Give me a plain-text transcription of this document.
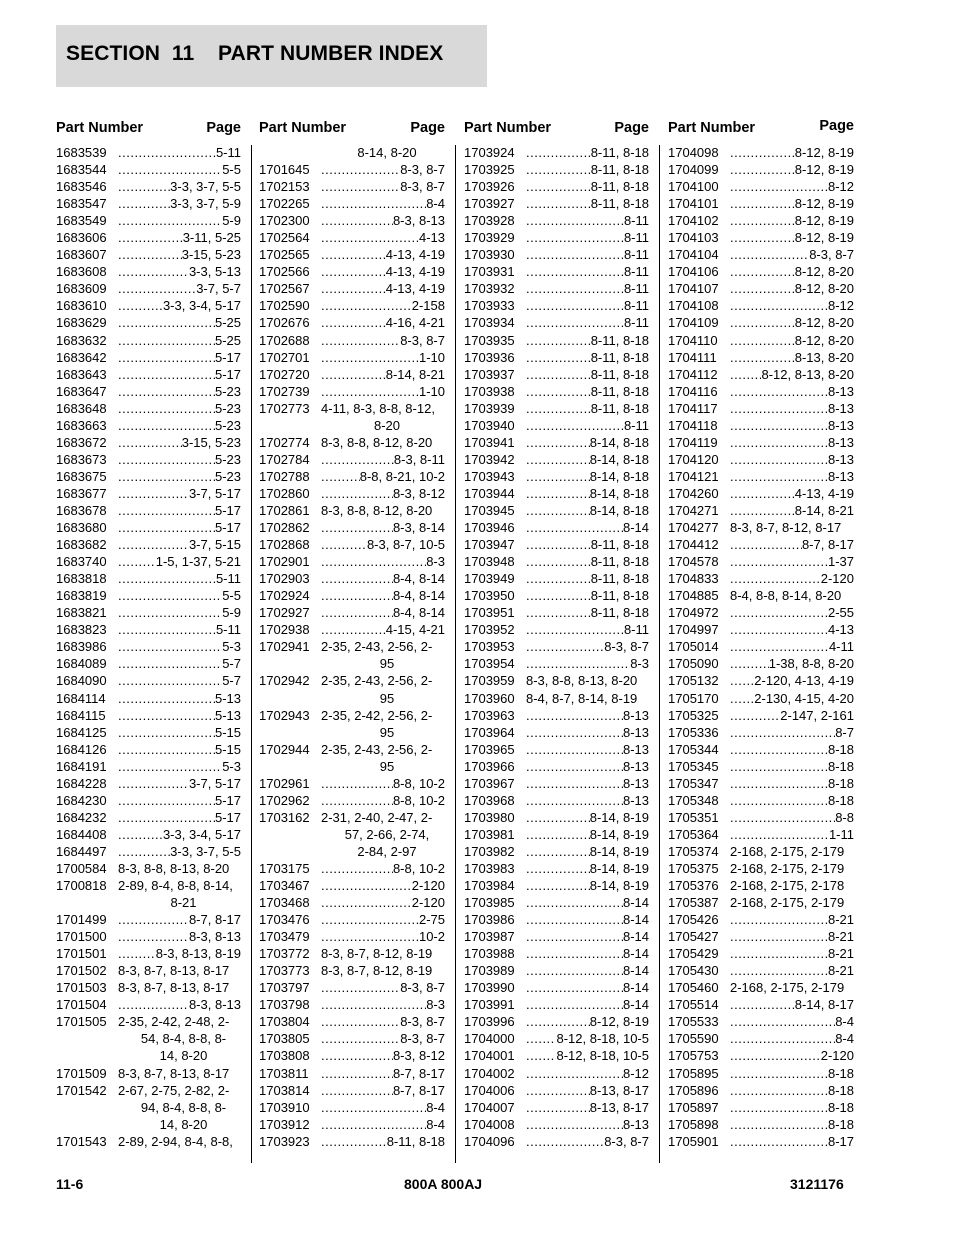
SECTION  11    PART NUMBER INDEX
Part Number	Page
1683539 .....	5-11
1683544 .....	5-5
1683546 .....	3-3, 3-7, 5-5
1683547 .....	3-3, 3-7, 5-9
1683549 .....	5-9
1683606 .....	3-11, 5-25
1683607 .....	3-15, 5-23
1683608 .....	3-3, 5-13
1683609 .....	3-7, 5-7
1683610 .....	3-3, 3-4, 5-17
1683629 .....	5-25
1683632 .....	5-25
1683642 .....	5-17
1683643 .....	5-17
1683647 .....	5-23
1683648 .....	5-23
1683663 .....	5-23
1683672 .....	3-15, 5-23
1683673 .....	5-23
1683675 .....	5-23
1683677 .....	3-7, 5-17
1683678 .....	5-17
1683680 .....	5-17
1683682 .....	3-7, 5-15
1683740 .....	1-5, 1-37, 5-21
1683818 .....	5-11
1683819 .....	5-5
1683821 .....	5-9
1683823 .....	5-11
1683986 .....	5-3
1684089 .....	5-7
1684090 .....	5-7
1684114 .....	5-13
1684115 .....	5-13
1684125 .....	5-15
1684126 .....	5-15
1684191 .....	5-3
1684228 .....	3-7, 5-17
1684230 .....	5-17
1684232 .....	5-17
1684408 .....	3-3, 3-4, 5-17
1684497 .....	3-3, 3-7, 5-5
1700584 8-3, 8-8, 8-13, 8-20
1700818 2-89, 8-4, 8-8, 8-14,
8-21
1701499 .....	8-7, 8-17
1701500 .....	8-3, 8-13
1701501 .....	8-3, 8-13, 8-19
1701502 8-3, 8-7, 8-13, 8-17
1701503 8-3, 8-7, 8-13, 8-17
1701504 .....	8-3, 8-13
1701505 2-35, 2-42, 2-48, 2-
54, 8-4, 8-8, 8-
14, 8-20
1701509 8-3, 8-7, 8-13, 8-17
1701542 2-67, 2-75, 2-82, 2-
94, 8-4, 8-8, 8-
14, 8-20
1701543 2-89, 2-94, 8-4, 8-8,
Part Number	Page
8-14, 8-20
1701645 .....	8-3, 8-7
1702153 .....	8-3, 8-7
1702265 .....	8-4
1702300 .....	8-3, 8-13
1702564 .....	4-13
1702565 .....	4-13, 4-19
1702566 .....	4-13, 4-19
1702567 .....	4-13, 4-19
1702590 .....	2-158
1702676 .....	4-16, 4-21
1702688 .....	8-3, 8-7
1702701 .....	1-10
1702720 .....	8-14, 8-21
1702739 .....	1-10
1702773 4-11, 8-3, 8-8, 8-12,
8-20
1702774 8-3, 8-8, 8-12, 8-20
1702784 .....	8-3, 8-11
1702788 .....	8-8, 8-21, 10-2
1702860 .....	8-3, 8-12
1702861 8-3, 8-8, 8-12, 8-20
1702862 .....	8-3, 8-14
1702868 .....	8-3, 8-7, 10-5
1702901 .....	8-3
1702903 .....	8-4, 8-14
1702924 .....	8-4, 8-14
1702927 .....	8-4, 8-14
1702938 .....	4-15, 4-21
1702941 2-35, 2-43, 2-56, 2-
95
1702942 2-35, 2-43, 2-56, 2-
95
1702943 2-35, 2-42, 2-56, 2-
95
1702944 2-35, 2-43, 2-56, 2-
95
1702961 .....	8-8, 10-2
1702962 .....	8-8, 10-2
1703162 2-31, 2-40, 2-47, 2-
57, 2-66, 2-74,
2-84, 2-97
1703175 .....	8-8, 10-2
1703467 .....	2-120
1703468 .....	2-120
1703476 .....	2-75
1703479 .....	10-2
1703772 8-3, 8-7, 8-12, 8-19
1703773 8-3, 8-7, 8-12, 8-19
1703797 .....	8-3, 8-7
1703798 .....	8-3
1703804 .....	8-3, 8-7
1703805 .....	8-3, 8-7
1703808 .....	8-3, 8-12
1703811 .....	8-7, 8-17
1703814 .....	8-7, 8-17
1703910 .....	8-4
1703912 .....	8-4
1703923 .....	8-11, 8-18
Part Number	Page
1703924 .....	8-11, 8-18
1703925 .....	8-11, 8-18
1703926 .....	8-11, 8-18
1703927 .....	8-11, 8-18
1703928 .....	8-11
1703929 .....	8-11
1703930 .....	8-11
1703931 .....	8-11
1703932 .....	8-11
1703933 .....	8-11
1703934 .....	8-11
1703935 .....	8-11, 8-18
1703936 .....	8-11, 8-18
1703937 .....	8-11, 8-18
1703938 .....	8-11, 8-18
1703939 .....	8-11, 8-18
1703940 .....	8-11
1703941 .....	8-14, 8-18
1703942 .....	8-14, 8-18
1703943 .....	8-14, 8-18
1703944 .....	8-14, 8-18
1703945 .....	8-14, 8-18
1703946 .....	8-14
1703947 .....	8-11, 8-18
1703948 .....	8-11, 8-18
1703949 .....	8-11, 8-18
1703950 .....	8-11, 8-18
1703951 .....	8-11, 8-18
1703952 .....	8-11
1703953 .....	8-3, 8-7
1703954 .....	8-3
1703959 8-3, 8-8, 8-13, 8-20
1703960 8-4, 8-7, 8-14, 8-19
1703963 .....	8-13
1703964 .....	8-13
1703965 .....	8-13
1703966 .....	8-13
1703967 .....	8-13
1703968 .....	8-13
1703980 .....	8-14, 8-19
1703981 .....	8-14, 8-19
1703982 .....	8-14, 8-19
1703983 .....	8-14, 8-19
1703984 .....	8-14, 8-19
1703985 .....	8-14
1703986 .....	8-14
1703987 .....	8-14
1703988 .....	8-14
1703989 .....	8-14
1703990 .....	8-14
1703991 .....	8-14
1703996 .....	8-12, 8-19
1704000 .....	8-12, 8-18, 10-5
1704001 .....	8-12, 8-18, 10-5
1704002 .....	8-12
1704006 .....	8-13, 8-17
1704007 .....	8-13, 8-17
1704008 .....	8-13
1704096 .....	8-3, 8-7
Part Number	Page
1704098 .....	8-12, 8-19
1704099 .....	8-12, 8-19
1704100 .....	8-12
1704101 .....	8-12, 8-19
1704102 .....	8-12, 8-19
1704103 .....	8-12, 8-19
1704104 .....	8-3, 8-7
1704106 .....	8-12, 8-20
1704107 .....	8-12, 8-20
1704108 .....	8-12
1704109 .....	8-12, 8-20
1704110 .....	8-12, 8-20
1704111 .....	8-13, 8-20
1704112 .....	8-12, 8-13, 8-20
1704116 .....	8-13
1704117 .....	8-13
1704118 .....	8-13
1704119 .....	8-13
1704120 .....	8-13
1704121 .....	8-13
1704260 .....	4-13, 4-19
1704271 .....	8-14, 8-21
1704277 8-3, 8-7, 8-12, 8-17
1704412 .....	8-7, 8-17
1704578 .....	1-37
1704833 .....	2-120
1704885 8-4, 8-8, 8-14, 8-20
1704972 .....	2-55
1704997 .....	4-13
1705014 .....	4-11
1705090 .....	1-38, 8-8, 8-20
1705132 .....	2-120, 4-13, 4-19
1705170 .....	2-130, 4-15, 4-20
1705325 .....	2-147, 2-161
1705336 .....	8-7
1705344 .....	8-18
1705345 .....	8-18
1705347 .....	8-18
1705348 .....	8-18
1705351 .....	8-8
1705364 .....	1-11
1705374 2-168, 2-175, 2-179
1705375 2-168, 2-175, 2-179
1705376 2-168, 2-175, 2-178
1705387 2-168, 2-175, 2-179
1705426 .....	8-21
1705427 .....	8-21
1705429 .....	8-21
1705430 .....	8-21
1705460 2-168, 2-175, 2-179
1705514 .....	8-14, 8-17
1705533 .....	8-4
1705590 .....	8-4
1705753 .....	2-120
1705895 .....	8-18
1705896 .....	8-18
1705897 .....	8-18
1705898 .....	8-18
1705901 .....	8-17
11-6	800A 800AJ	3121176
